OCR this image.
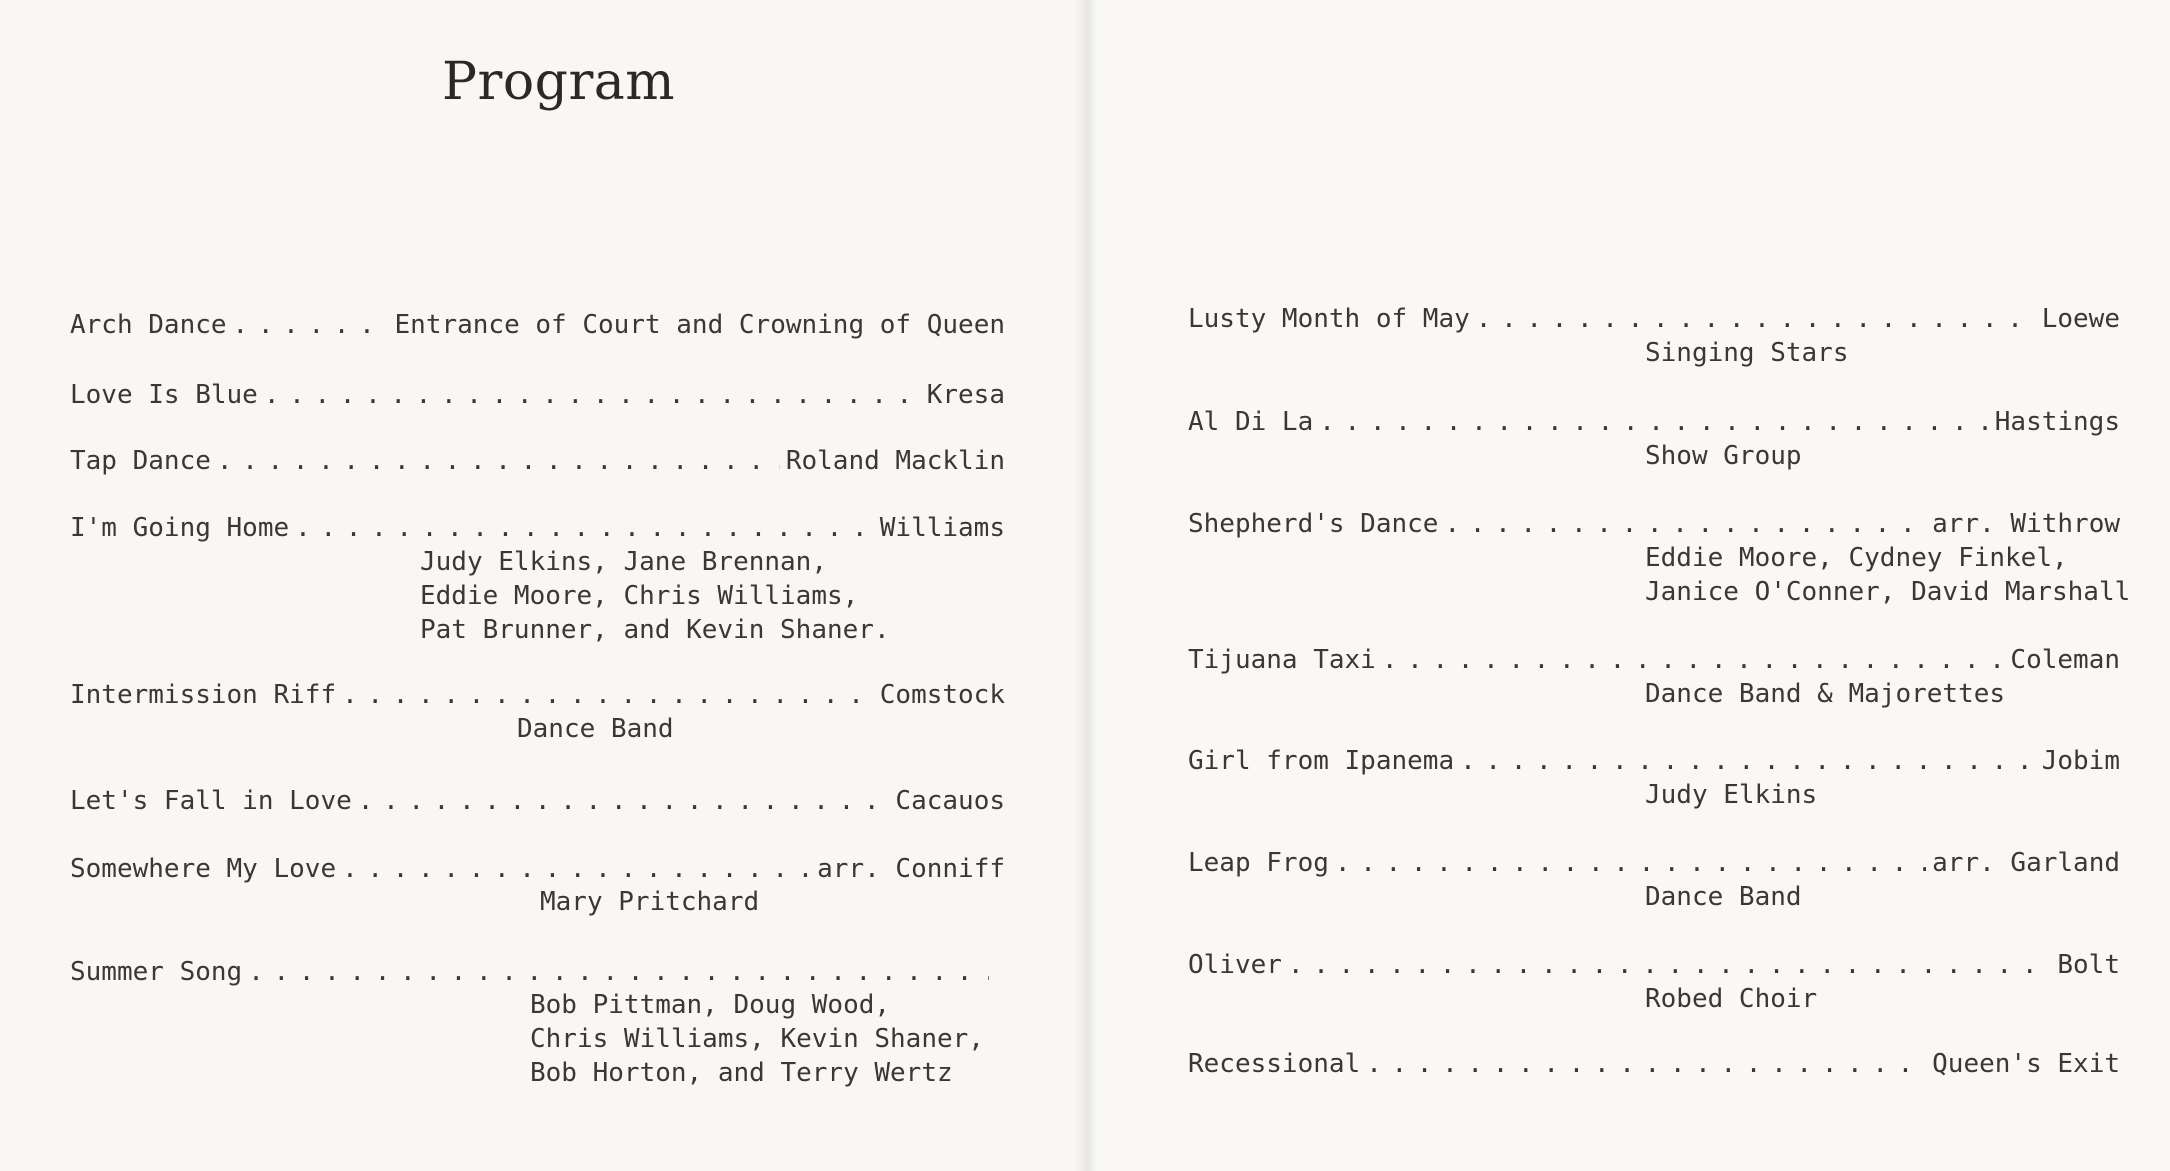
Program
Arch Dance . . .	Entrance of Court and Crowning of Queen
Love Is Blue . . .	Kresa
Tap Dance . . .	Roland Macklin
I'm Going Home . . .	Williams
Judy Elkins, Jane Brennan,
Eddie Moore, Chris Williams,
Pat Brunner, and Kevin Shaner.
Intermission Riff . . .	Comstock
Dance Band
Let's Fall in Love . . .	Cacauos
Somewhere My Love . . .	arr. Conniff
Mary Pritchard
Summer Song
. . .
Bob Pittman, Doug Wood,
Chris Williams, Kevin Shaner,
Bob Horton, and Terry Wertz
Lusty Month of May . . .	Loewe
Singing Stars
Al Di La . . .	Hastings
Show Group
Shepherd's Dance . . .	arr. Withrow
Eddie Moore, Cydney Finkel,
Janice O'Conner, David Marshall
Tijuana Taxi . . .	Coleman
Dance Band & Majorettes
Girl from Ipanema . . .	Jobim
Judy Elkins
Leap Frog . . .	arr. Garland
Dance Band
Oliver . . .	Bolt
Robed Choir
Recessional . . .	Queen's Exit
